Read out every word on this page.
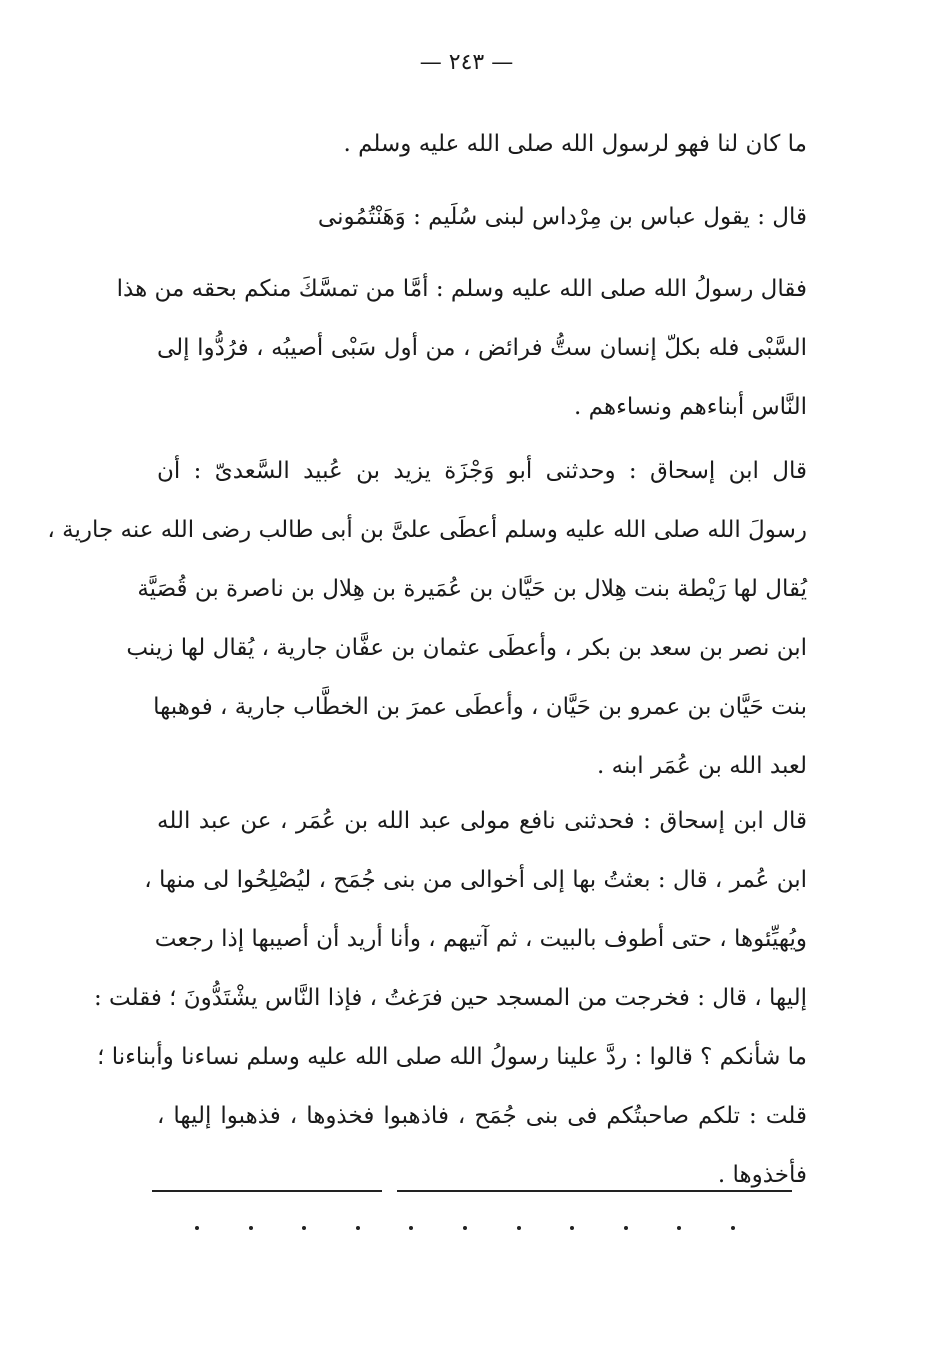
— ٢٤٣ —
ما كان لنا فهو لرسول الله صلى الله عليه وسلم .
قال : يقول عباس بن مِرْداس لبنى سُلَيم : وَهَنْتُمُونى
فقال رسولُ الله صلى الله عليه وسلم : أمَّا من تمسَّكَ منكم بحقه من هذا
السَّبْى فله بكلّ إنسان ستُّ فرائض ، من أول سَبْى أصيبُه ، فرُدُّوا إلى
النَّاس أبناءهم ونساءهم .
قال ابن إسحاق : وحدثنى أبو وَجْزَة يزيد بن عُبيد السَّعدىّ : أن
رسولَ الله صلى الله عليه وسلم أعطَى علىَّ بن أبى طالب رضى الله عنه جارية ،
يُقال لها رَيْطة بنت هِلال بن حَيَّان بن عُمَيرة بن هِلال بن ناصرة بن قُصَيَّة
ابن نصر بن سعد بن بكر ، وأعطَى عثمان بن عفَّان جارية ، يُقال لها زينب
بنت حَيَّان بن عمرو بن حَيَّان ، وأعطَى عمرَ بن الخطَّاب جارية ، فوهبها
لعبد الله بن عُمَر ابنه .
قال ابن إسحاق : فحدثنى نافع مولى عبد الله بن عُمَر ، عن عبد الله
ابن عُمر ، قال : بعثتُ بها إلى أخوالى من بنى جُمَح ، ليُصْلِحُوا لى منها ،
ويُهيِّئوها ، حتى أطوف بالبيت ، ثم آتيهم ، وأنا أريد أن أصيبها إذا رجعت
إليها ، قال : فخرجت من المسجد حين فرَغتُ ، فإذا النَّاس يشْتَدُّونَ ؛ فقلت :
ما شأنكم ؟ قالوا : ردَّ علينا رسولُ الله صلى الله عليه وسلم نساءنا وأبناءنا ؛
قلت : تلكم صاحبتُكم فى بنى جُمَح ، فاذهبوا فخذوها ، فذهبوا إليها ،
فأخذوها .
